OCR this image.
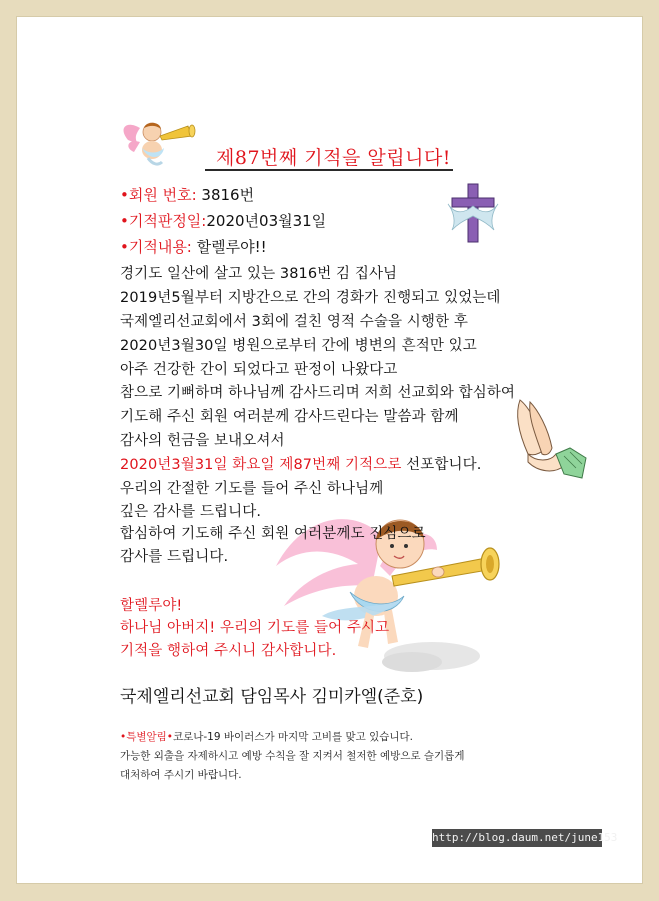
제87번째 기적을 알립니다!
•회원 번호: 3816번
•기적판정일:2020년03월31일
•기적내용: 할렐루야!!
경기도 일산에 살고 있는 3816번 김 집사님
2019년5월부터 지방간으로 간의 경화가 진행되고 있었는데
국제엘리선교회에서 3회에 걸친 영적 수술을 시행한 후
2020년3월30일 병원으로부터 간에 병변의 흔적만 있고
아주 건강한 간이 되었다고 판정이 나왔다고
참으로 기뻐하며 하나님께 감사드리며 저희 선교회와 합심하여
기도해 주신 회원 여러분께 감사드린다는 말씀과 함께
감사의 헌금을 보내오셔서
2020년3월31일 화요일 제87번째 기적으로 선포합니다.
우리의 간절한 기도를 들어 주신 하나님께
깊은 감사를 드립니다.
합심하여 기도해 주신 회원 여러분께도 진심으로
감사를 드립니다.
할렐루야!
하나님 아버지! 우리의 기도를 들어 주시고
기적을 행하여 주시니 감사합니다.
국제엘리선교회 담임목사 김미카엘(준호)
•특별알림•코로나-19 바이러스가 마지막 고비를 맞고 있습니다.
가능한 외출을 자제하시고 예방 수칙을 잘 지켜서 철저한 예방으로 슬기롭게
대처하여 주시기 바랍니다.
http://blog.daum.net/june153
